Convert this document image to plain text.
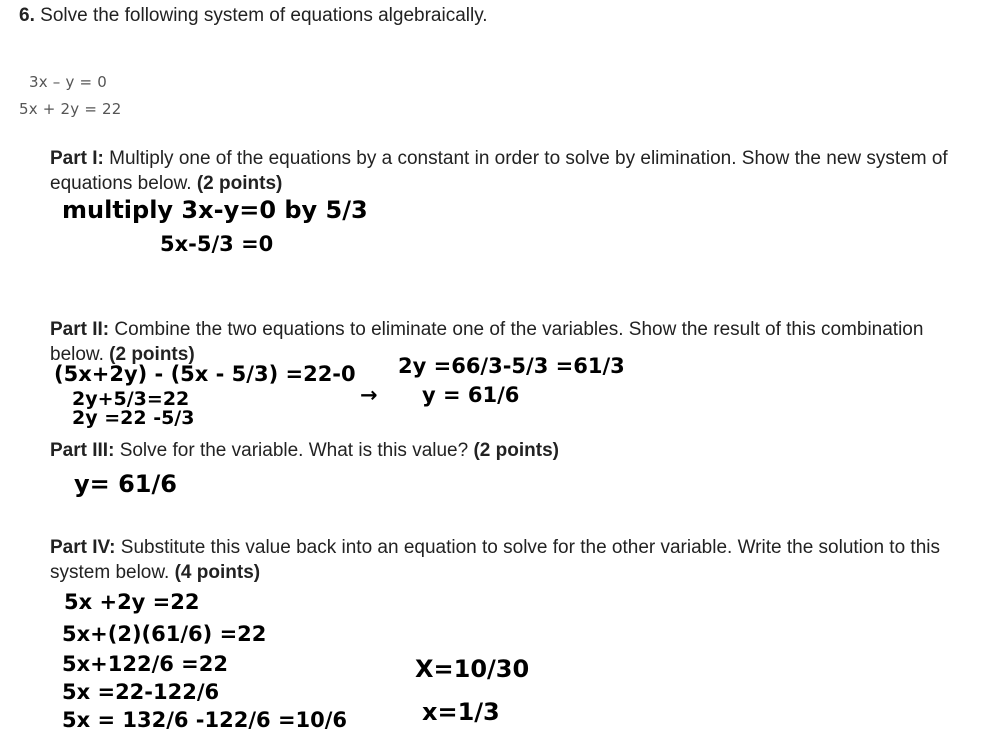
6. Solve the following system of equations algebraically.
3x – y = 0
5x + 2y = 22
Part I: Multiply one of the equations by a constant in order to solve by elimination. Show the new system of equations below. (2 points)
multiply 3x-y=0 by 5/3
5x-5/3 =0
Part II: Combine the two equations to eliminate one of the variables. Show the result of this combination below. (2 points)
(5x+2y) - (5x - 5/3) =22-0
2y+5/3=22
2y =22 -5/3
→
2y =66/3-5/3 =61/3
y = 61/6
Part III: Solve for the variable. What is this value? (2 points)
y= 61/6
Part IV: Substitute this value back into an equation to solve for the other variable. Write the solution to this system below. (4 points)
5x +2y =22
5x+(2)(61/6) =22
5x+122/6 =22
5x =22-122/6
5x = 132/6 -122/6 =10/6
X=10/30
x=1/3
